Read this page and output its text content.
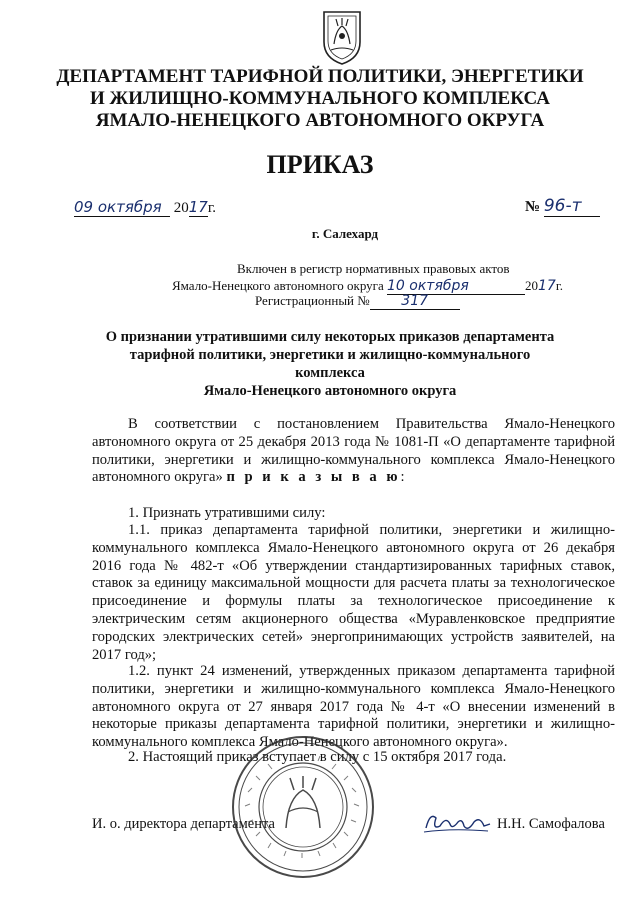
ДЕПАРТАМЕНТ ТАРИФНОЙ ПОЛИТИКИ, ЭНЕРГЕТИКИ
И ЖИЛИЩНО-КОММУНАЛЬНОГО КОМПЛЕКСА
ЯМАЛО-НЕНЕЦКОГО АВТОНОМНОГО ОКРУГА
ПРИКАЗ
09 октября 2017г.	№ 96-т
г. Салехард
Включен в регистр нормативных правовых актов
Ямало-Ненецкого автономного округа 10 октября	2017г.
Регистрационный № 317
О признании утратившими силу некоторых приказов департамента
тарифной политики, энергетики и жилищно-коммунального комплекса
Ямало-Ненецкого автономного округа
В соответствии с постановлением Правительства Ямало-Ненецкого автономного округа от 25 декабря 2013 года № 1081-П «О департаменте тарифной политики, энергетики и жилищно-коммунального комплекса Ямало-Ненецкого автономного округа» п р и к а з ы в а ю:
1. Признать утратившими силу:
1.1. приказ департамента тарифной политики, энергетики и жилищно-коммунального комплекса Ямало-Ненецкого автономного округа от 26 декабря 2016 года № 482-т «Об утверждении стандартизированных тарифных ставок, ставок за единицу максимальной мощности для расчета платы за технологическое присоединение и формулы платы за технологическое присоединение к электрическим сетям акционерного общества «Муравленковское предприятие городских электрических сетей» энергопринимающих устройств заявителей, на 2017 год»;
1.2. пункт 24 изменений, утвержденных приказом департамента тарифной политики, энергетики и жилищно-коммунального комплекса Ямало-Ненецкого автономного округа от 27 января 2017 года № 4-т «О внесении изменений в некоторые приказы департамента тарифной политики, энергетики и жилищно-коммунального комплекса Ямало-Ненецкого автономного округа».
2. Настоящий приказ вступает в силу с 15 октября 2017 года.
И. о. директора департамента	Н.Н. Самофалова
